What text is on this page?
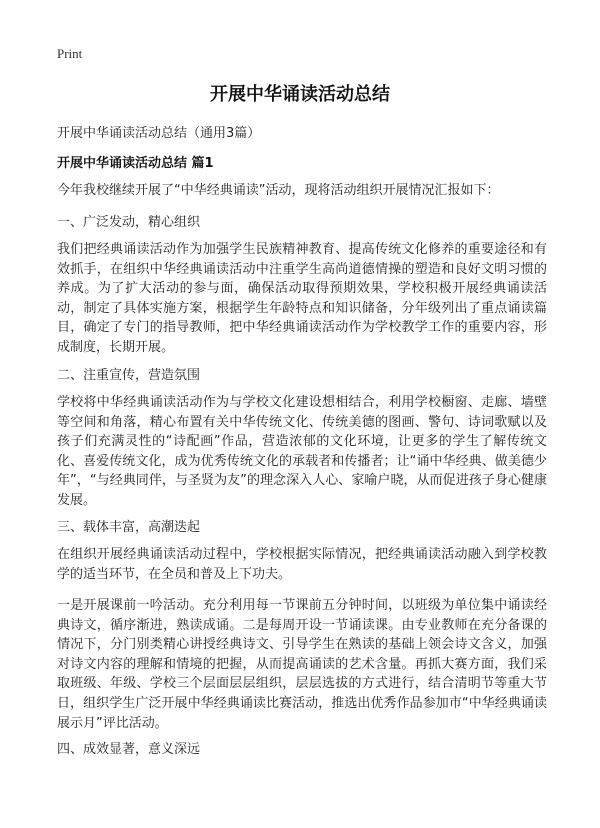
Print
开展中华诵读活动总结
开展中华诵读活动总结（通用3篇）
开展中华诵读活动总结 篇1
今年我校继续开展了“中华经典诵读”活动，现将活动组织开展情况汇报如下：
一、广泛发动，精心组织
我们把经典诵读活动作为加强学生民族精神教育、提高传统文化修养的重要途径和有效抓手，在组织中华经典诵读活动中注重学生高尚道德情操的塑造和良好文明习惯的养成。为了扩大活动的参与面，确保活动取得预期效果，学校积极开展经典诵读活动，制定了具体实施方案，根据学生年龄特点和知识储备，分年级列出了重点诵读篇目，确定了专门的指导教师，把中华经典诵读活动作为学校教学工作的重要内容，形成制度，长期开展。
二、注重宣传，营造氛围
学校将中华经典诵读活动作为与学校文化建设想相结合，利用学校橱窗、走廊、墙壁等空间和角落，精心布置有关中华传统文化、传统美德的图画、警句、诗词歌赋以及孩子们充满灵性的“诗配画”作品，营造浓郁的文化环境，让更多的学生了解传统文化、喜爱传统文化，成为优秀传统文化的承载者和传播者；让“诵中华经典、做美德少年”，“与经典同伴，与圣贤为友”的理念深入人心、家喻户晓，从而促进孩子身心健康发展。
三、载体丰富，高潮迭起
在组织开展经典诵读活动过程中，学校根据实际情况，把经典诵读活动融入到学校教学的适当环节，在全员和普及上下功夫。
一是开展课前一吟活动。充分利用每一节课前五分钟时间，以班级为单位集中诵读经典诗文，循序渐进，熟读成诵。二是每周开设一节诵读课。由专业教师在充分备课的情况下，分门别类精心讲授经典诗文、引导学生在熟读的基础上领会诗文含义，加强对诗文内容的理解和情境的把握，从而提高诵读的艺术含量。再抓大赛方面，我们采取班级、年级、学校三个层面层层组织，层层选拔的方式进行，结合清明节等重大节日，组织学生广泛开展中华经典诵读比赛活动，推选出优秀作品参加市“中华经典诵读展示月”评比活动。
四、成效显著，意义深远
